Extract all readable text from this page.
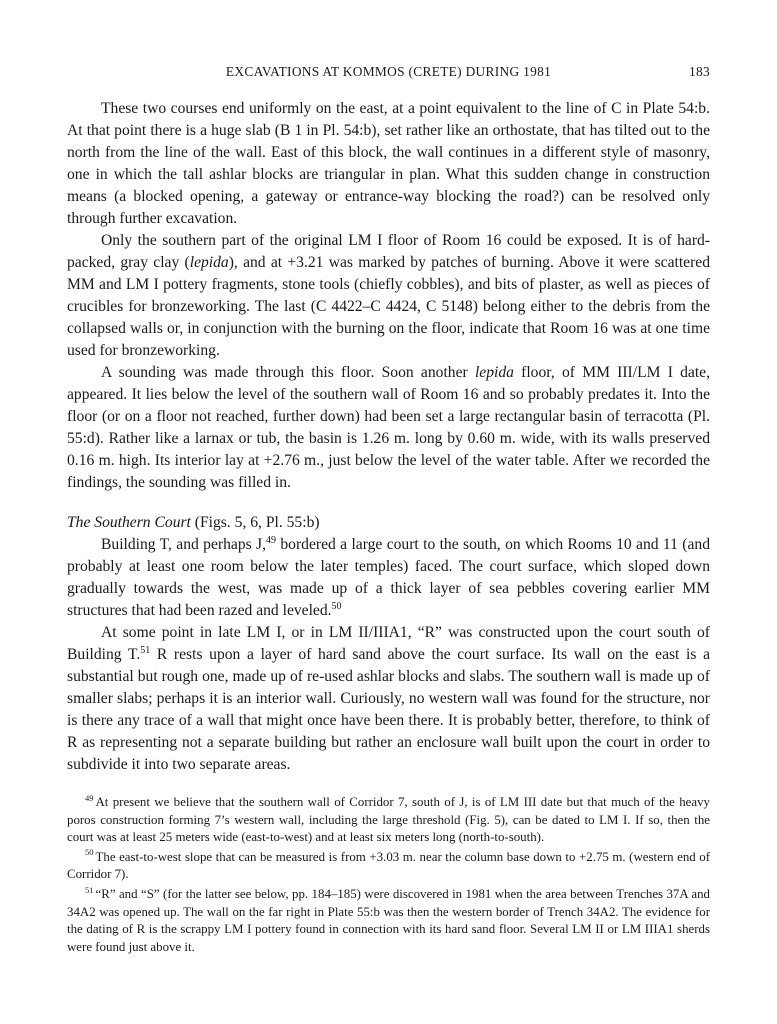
EXCAVATIONS AT KOMMOS (CRETE) DURING 1981	183

These two courses end uniformly on the east, at a point equivalent to the line of C in Plate 54:b. At that point there is a huge slab (B 1 in Pl. 54:b), set rather like an orthostate, that has tilted out to the north from the line of the wall. East of this block, the wall continues in a different style of masonry, one in which the tall ashlar blocks are triangular in plan. What this sudden change in construction means (a blocked opening, a gateway or entrance-way blocking the road?) can be resolved only through further excavation.

Only the southern part of the original LM I floor of Room 16 could be exposed. It is of hard-packed, gray clay (lepida), and at +3.21 was marked by patches of burning. Above it were scattered MM and LM I pottery fragments, stone tools (chiefly cobbles), and bits of plaster, as well as pieces of crucibles for bronzeworking. The last (C 4422–C 4424, C 5148) belong either to the debris from the collapsed walls or, in conjunction with the burning on the floor, indicate that Room 16 was at one time used for bronzeworking.

A sounding was made through this floor. Soon another lepida floor, of MM III/LM I date, appeared. It lies below the level of the southern wall of Room 16 and so probably predates it. Into the floor (or on a floor not reached, further down) had been set a large rectangular basin of terracotta (Pl. 55:d). Rather like a larnax or tub, the basin is 1.26 m. long by 0.60 m. wide, with its walls preserved 0.16 m. high. Its interior lay at +2.76 m., just below the level of the water table. After we recorded the findings, the sounding was filled in.

The Southern Court (Figs. 5, 6, Pl. 55:b)

Building T, and perhaps J,$^{49}$ bordered a large court to the south, on which Rooms 10 and 11 (and probably at least one room below the later temples) faced. The court surface, which sloped down gradually towards the west, was made up of a thick layer of sea pebbles covering earlier MM structures that had been razed and leveled.$^{50}$

At some point in late LM I, or in LM II/IIIA1, “R” was constructed upon the court south of Building T.$^{51}$ R rests upon a layer of hard sand above the court surface. Its wall on the east is a substantial but rough one, made up of re-used ashlar blocks and slabs. The southern wall is made up of smaller slabs; perhaps it is an interior wall. Curiously, no western wall was found for the structure, nor is there any trace of a wall that might once have been there. It is probably better, therefore, to think of R as representing not a separate building but rather an enclosure wall built upon the court in order to subdivide it into two separate areas.

$^{49}$ At present we believe that the southern wall of Corridor 7, south of J, is of LM III date but that much of the heavy poros construction forming 7’s western wall, including the large threshold (Fig. 5), can be dated to LM I. If so, then the court was at least 25 meters wide (east-to-west) and at least six meters long (north-to-south).

$^{50}$ The east-to-west slope that can be measured is from +3.03 m. near the column base down to +2.75 m. (western end of Corridor 7).

$^{51}$ “R” and “S” (for the latter see below, pp. 184–185) were discovered in 1981 when the area between Trenches 37A and 34A2 was opened up. The wall on the far right in Plate 55:b was then the western border of Trench 34A2. The evidence for the dating of R is the scrappy LM I pottery found in connection with its hard sand floor. Several LM II or LM IIIA1 sherds were found just above it.
